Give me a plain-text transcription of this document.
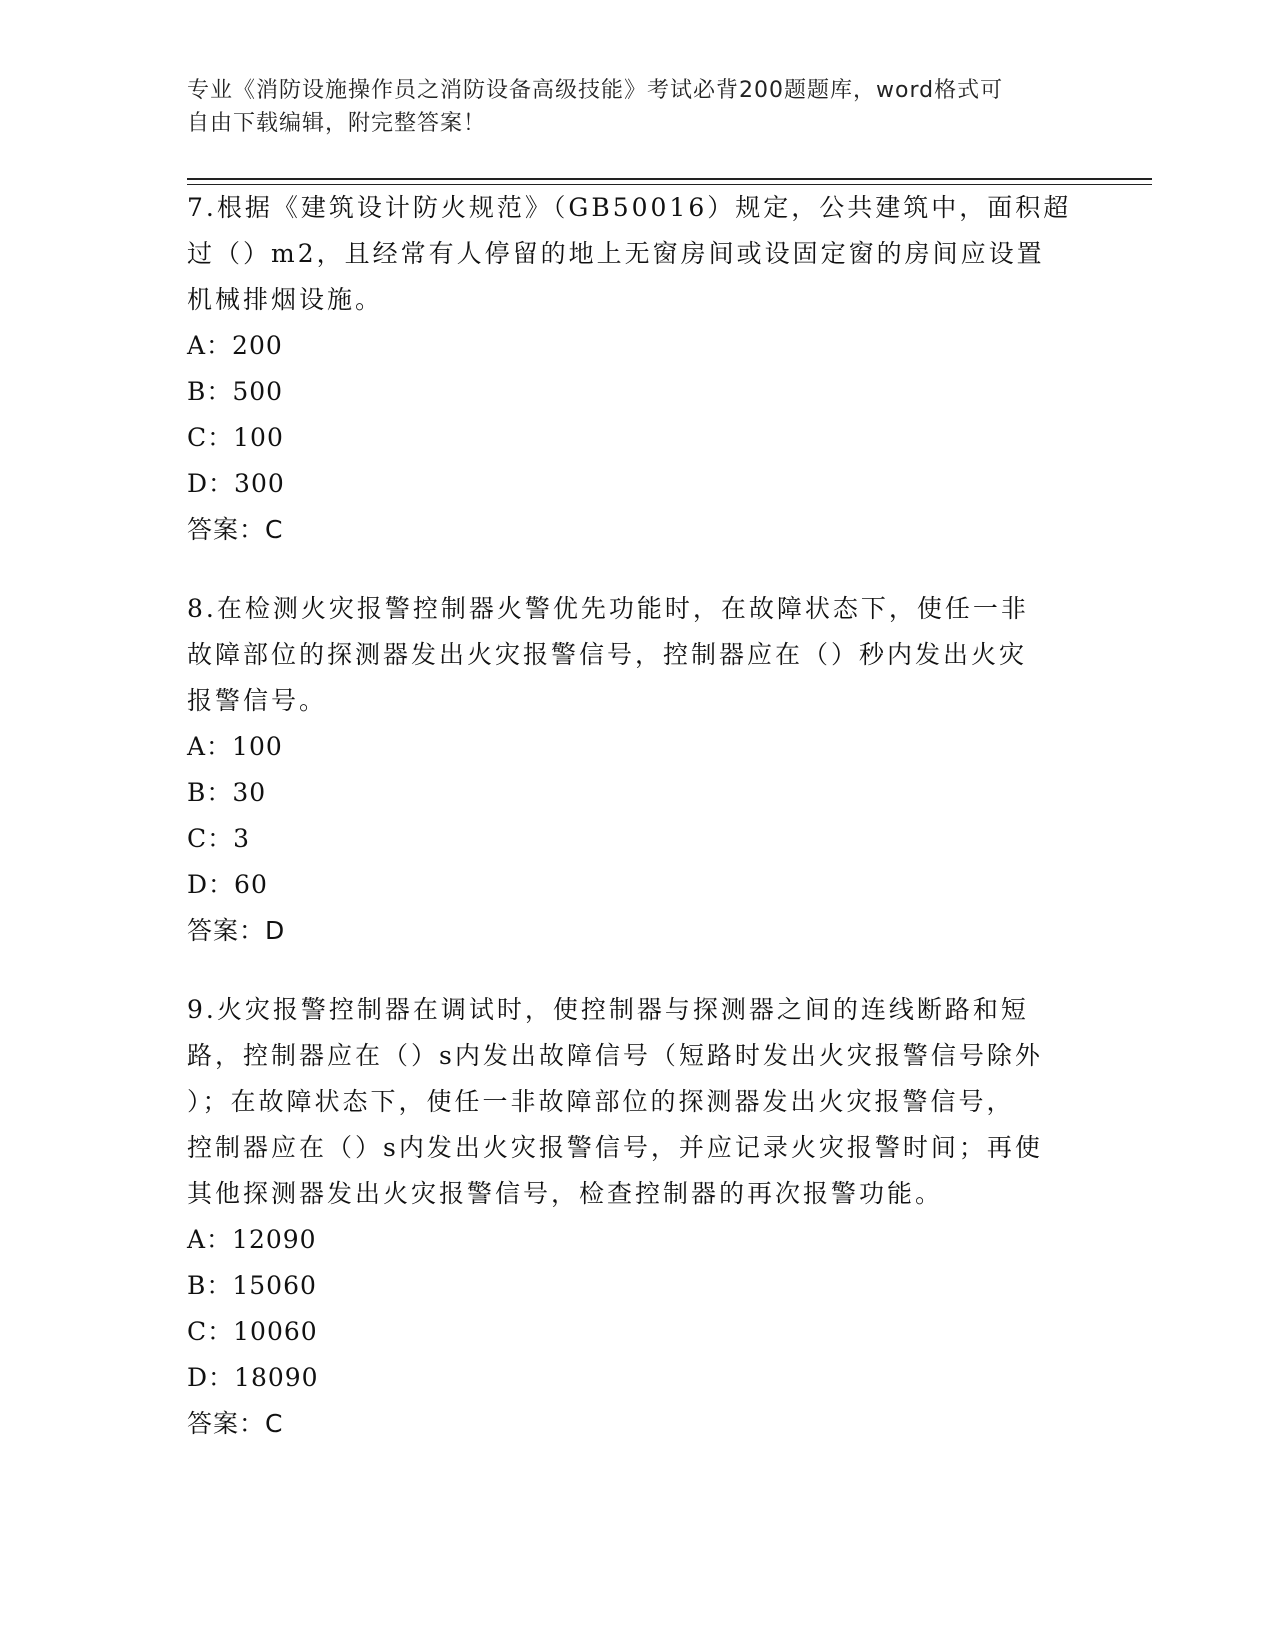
专业《消防设施操作员之消防设备高级技能》考试必背200题题库，word格式可
自由下载编辑，附完整答案！

7.根据《建筑设计防火规范》（GB50016）规定，公共建筑中，面积超

过（）m2，且经常有人停留的地上无窗房间或设固定窗的房间应设置

机械排烟设施。

A：200

B：500

C：100

D：300

答案：C

8.在检测火灾报警控制器火警优先功能时，在故障状态下，使任一非

故障部位的探测器发出火灾报警信号，控制器应在（）秒内发出火灾

报警信号。

A：100

B：30

C：3

D：60

答案：D

9.火灾报警控制器在调试时，使控制器与探测器之间的连线断路和短

路，控制器应在（）s内发出故障信号（短路时发出火灾报警信号除外

）；在故障状态下，使任一非故障部位的探测器发出火灾报警信号，

控制器应在（）s内发出火灾报警信号，并应记录火灾报警时间；再使

其他探测器发出火灾报警信号，检查控制器的再次报警功能。

A：12090

B：15060

C：10060

D：18090

答案：C
